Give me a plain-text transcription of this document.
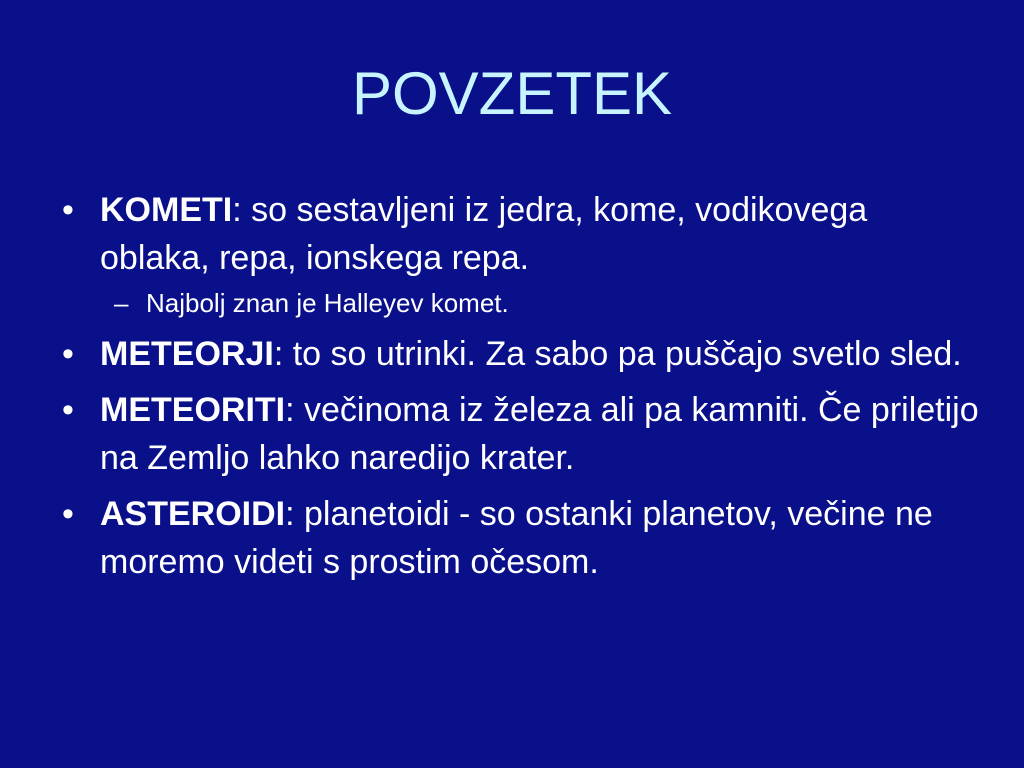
POVZETEK
• KOMETI: so sestavljeni iz jedra, kome, vodikovega oblaka, repa, ionskega repa.
– Najbolj znan je Halleyev komet.
• METEORJI: to so utrinki. Za sabo pa puščajo svetlo sled.
• METEORITI: večinoma iz železa ali pa kamniti. Če priletijo na Zemljo lahko naredijo krater.
• ASTEROIDI: planetoidi - so ostanki planetov, večine ne moremo videti s prostim očesom.
